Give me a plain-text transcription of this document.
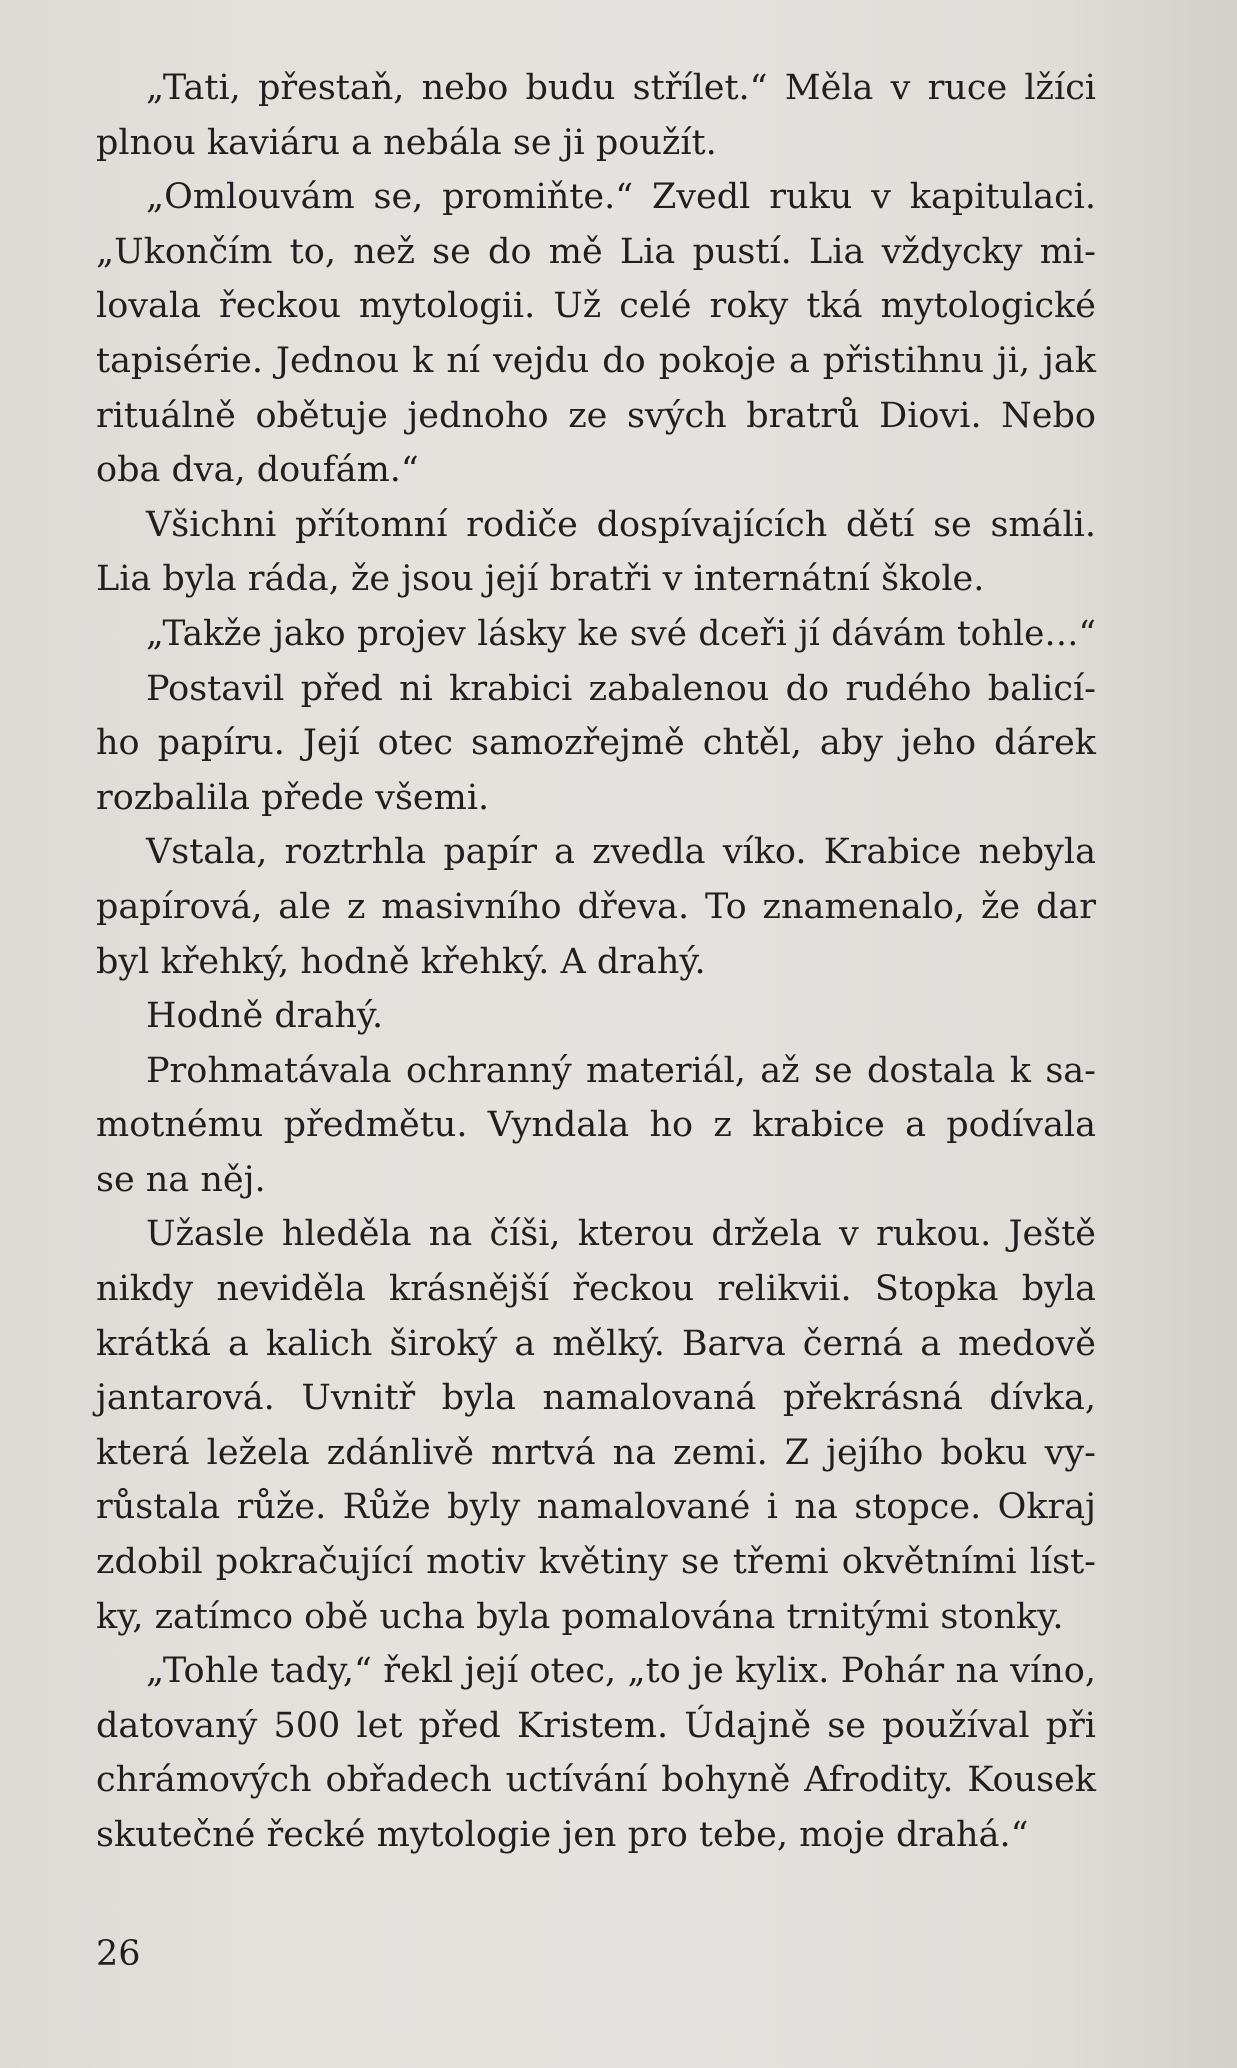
„Tati, přestaň, nebo budu střílet.“ Měla v ruce lžíci
plnou kaviáru a nebála se ji použít.
„Omlouvám se, promiňte.“ Zvedl ruku v kapitulaci.
„Ukončím to, než se do mě Lia pustí. Lia vždycky mi-
lovala řeckou mytologii. Už celé roky tká mytologické
tapisérie. Jednou k ní vejdu do pokoje a přistihnu ji, jak
rituálně obětuje jednoho ze svých bratrů Diovi. Nebo
oba dva, doufám.“
Všichni přítomní rodiče dospívajících dětí se smáli.
Lia byla ráda, že jsou její bratři v internátní škole.
„Takže jako projev lásky ke své dceři jí dávám tohle…“
Postavil před ni krabici zabalenou do rudého balicí-
ho papíru. Její otec samozřejmě chtěl, aby jeho dárek
rozbalila přede všemi.
Vstala, roztrhla papír a zvedla víko. Krabice nebyla
papírová, ale z masivního dřeva. To znamenalo, že dar
byl křehký, hodně křehký. A drahý.
Hodně drahý.
Prohmatávala ochranný materiál, až se dostala k sa-
motnému předmětu. Vyndala ho z krabice a podívala
se na něj.
Užasle hleděla na číši, kterou držela v rukou. Ještě
nikdy neviděla krásnější řeckou relikvii. Stopka byla
krátká a kalich široký a mělký. Barva černá a medově
jantarová. Uvnitř byla namalovaná překrásná dívka,
která ležela zdánlivě mrtvá na zemi. Z jejího boku vy-
růstala růže. Růže byly namalované i na stopce. Okraj
zdobil pokračující motiv květiny se třemi okvětními líst-
ky, zatímco obě ucha byla pomalována trnitými stonky.
„Tohle tady,“ řekl její otec, „to je kylix. Pohár na víno,
datovaný 500 let před Kristem. Údajně se používal při
chrámových obřadech uctívání bohyně Afrodity. Kousek
skutečné řecké mytologie jen pro tebe, moje drahá.“
26
